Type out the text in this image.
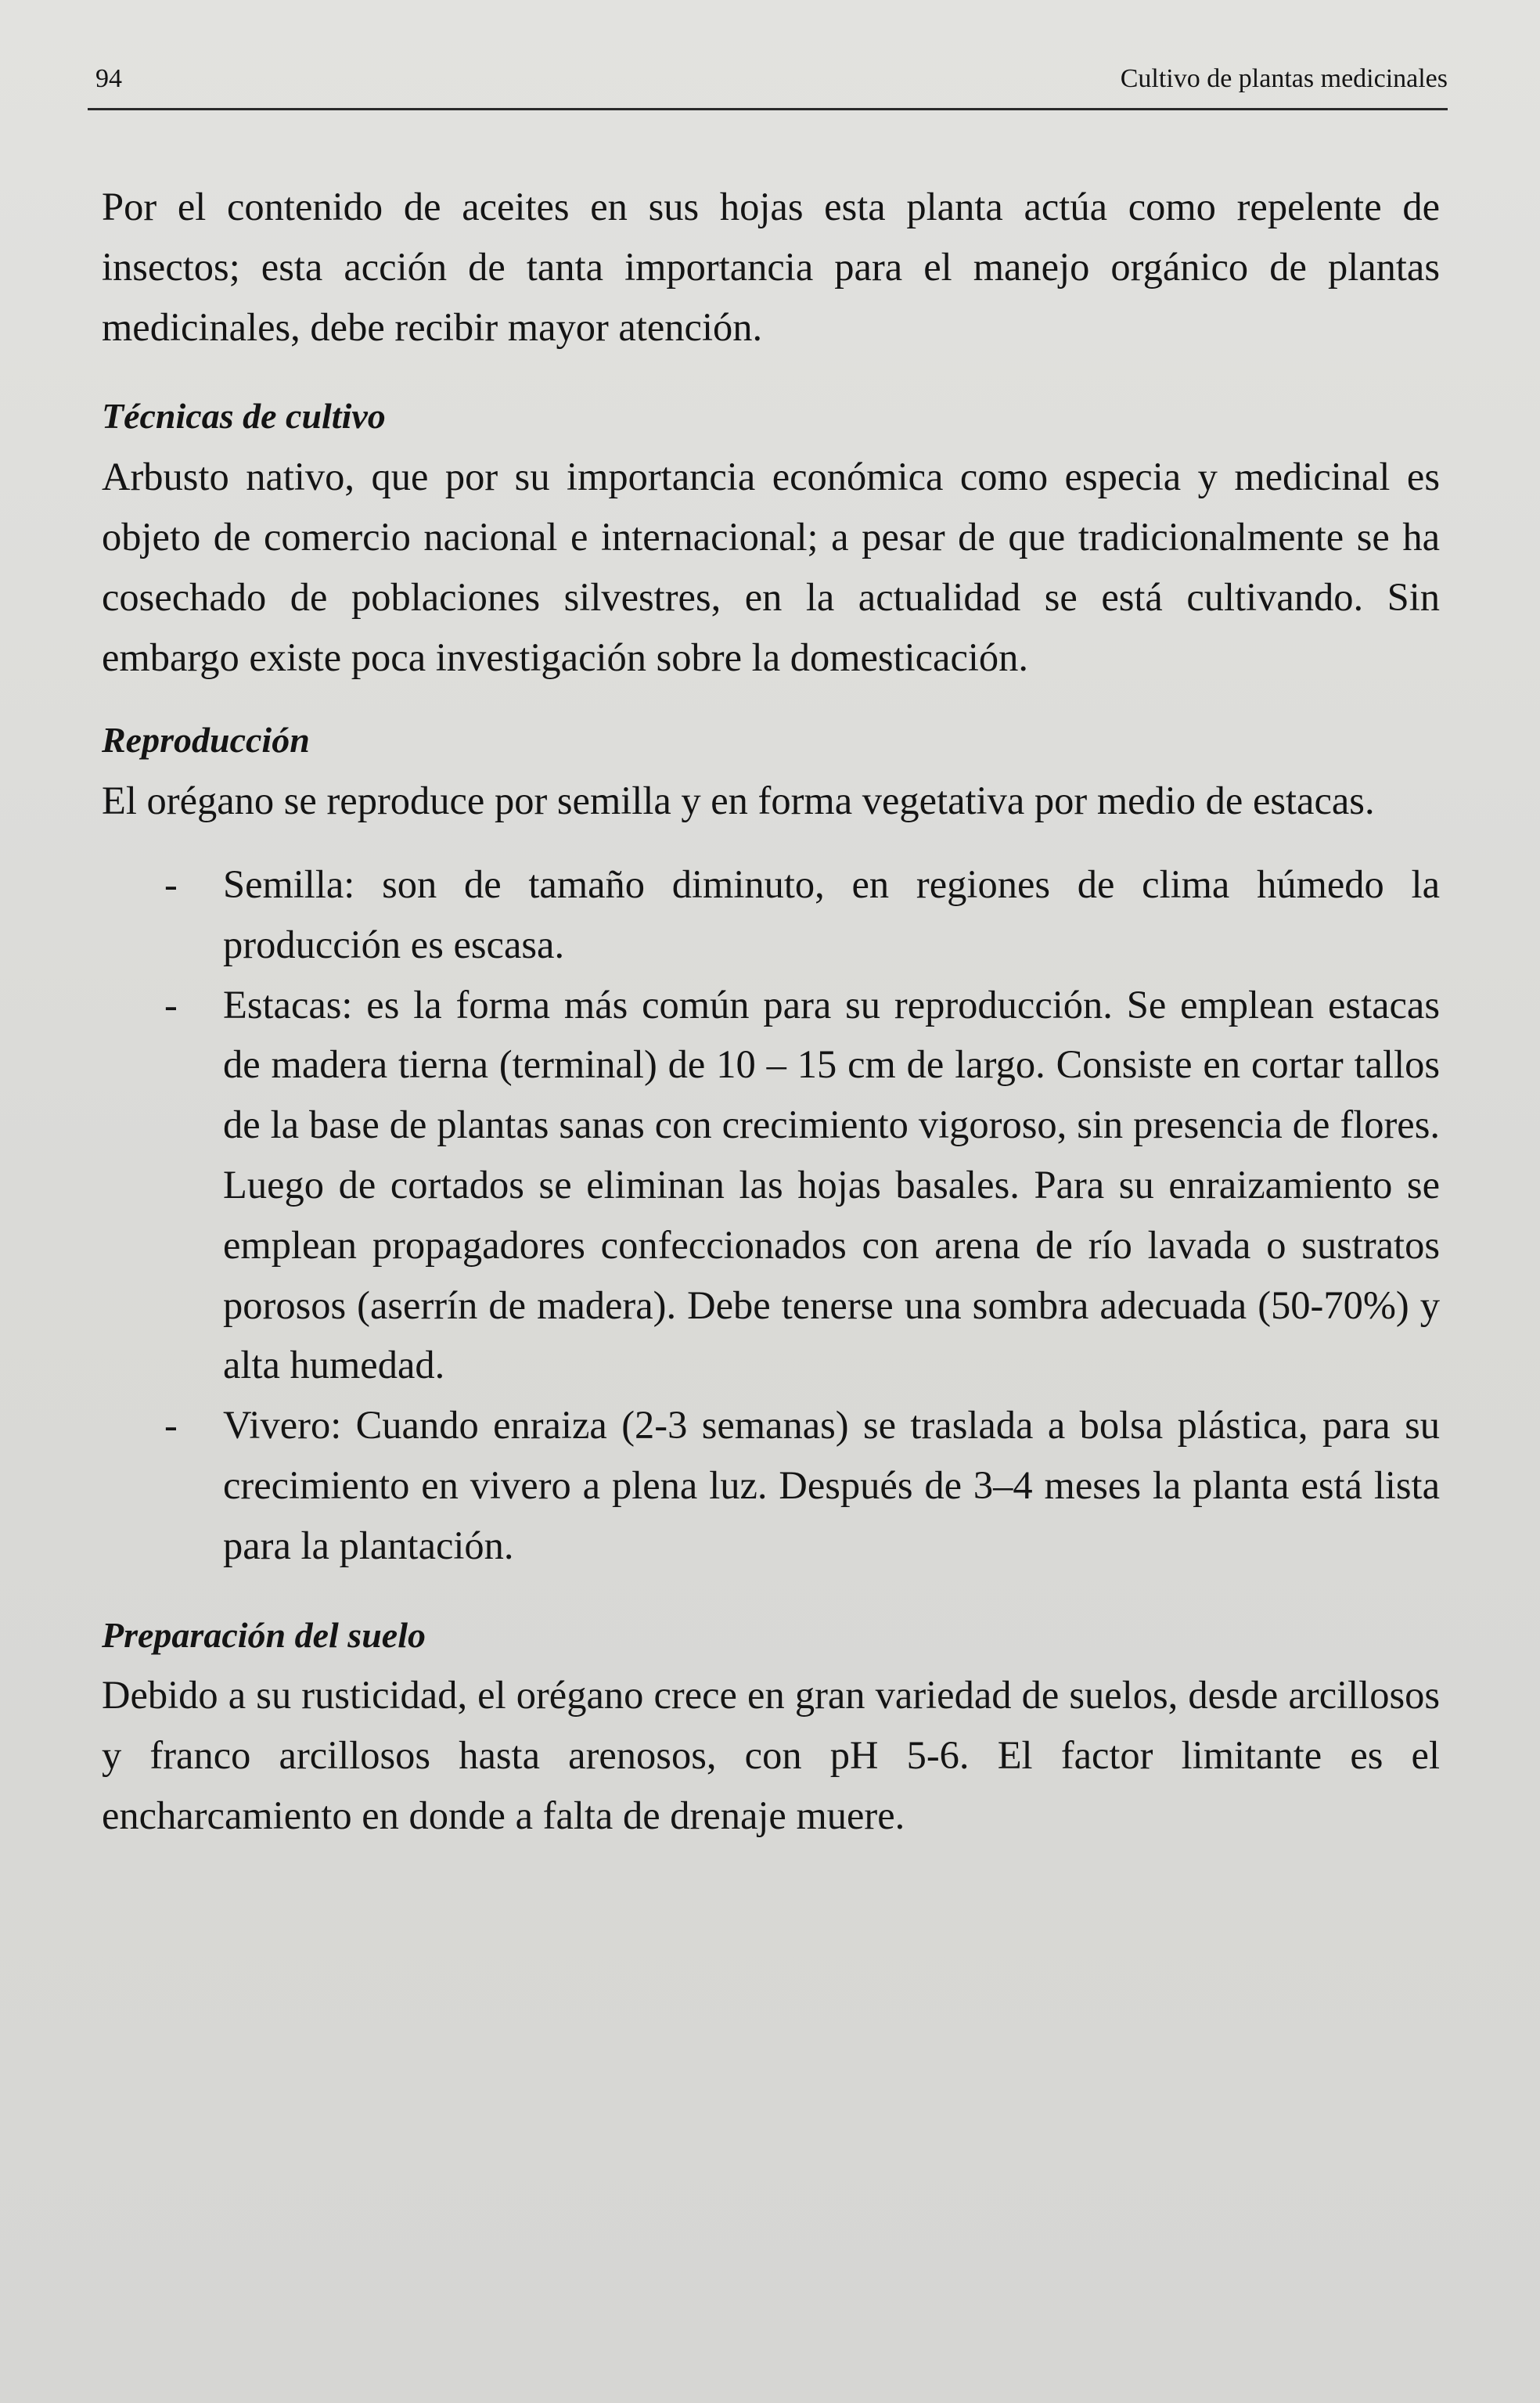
94	Cultivo de plantas medicinales

Por el contenido de aceites en sus hojas esta planta actúa como repelente de insectos; esta acción de tanta importancia para el manejo orgánico de plantas medicinales, debe recibir mayor atención.

Técnicas de cultivo

Arbusto nativo, que por su importancia económica como especia y medicinal es objeto de comercio nacional e internacional; a pesar de que tradicionalmente se ha cosechado de poblaciones silvestres, en la actualidad se está cultivando. Sin embargo existe poca investigación sobre la domesticación.

Reproducción

El orégano se reproduce por semilla y en forma vegetativa por medio de estacas.

- Semilla: son de tamaño diminuto, en regiones de clima húmedo la producción es escasa.
- Estacas: es la forma más común para su reproducción. Se emplean estacas de madera tierna (terminal) de 10 – 15 cm de largo. Consiste en cortar tallos de la base de plantas sanas con crecimiento vigoroso, sin presencia de flores. Luego de cortados se eliminan las hojas basales. Para su enraizamiento se emplean propagadores confeccionados con arena de río lavada o sustratos porosos (aserrín de madera). Debe tenerse una sombra adecuada (50-70%) y alta humedad.
- Vivero: Cuando enraiza (2-3 semanas) se traslada a bolsa plástica, para su crecimiento en vivero a plena luz. Después de 3–4 meses la planta está lista para la plantación.
Preparación del suelo

Debido a su rusticidad, el orégano crece en gran variedad de suelos, desde arcillosos y franco arcillosos hasta arenosos, con pH 5-6. El factor limitante es el encharcamiento en donde a falta de drenaje muere.
